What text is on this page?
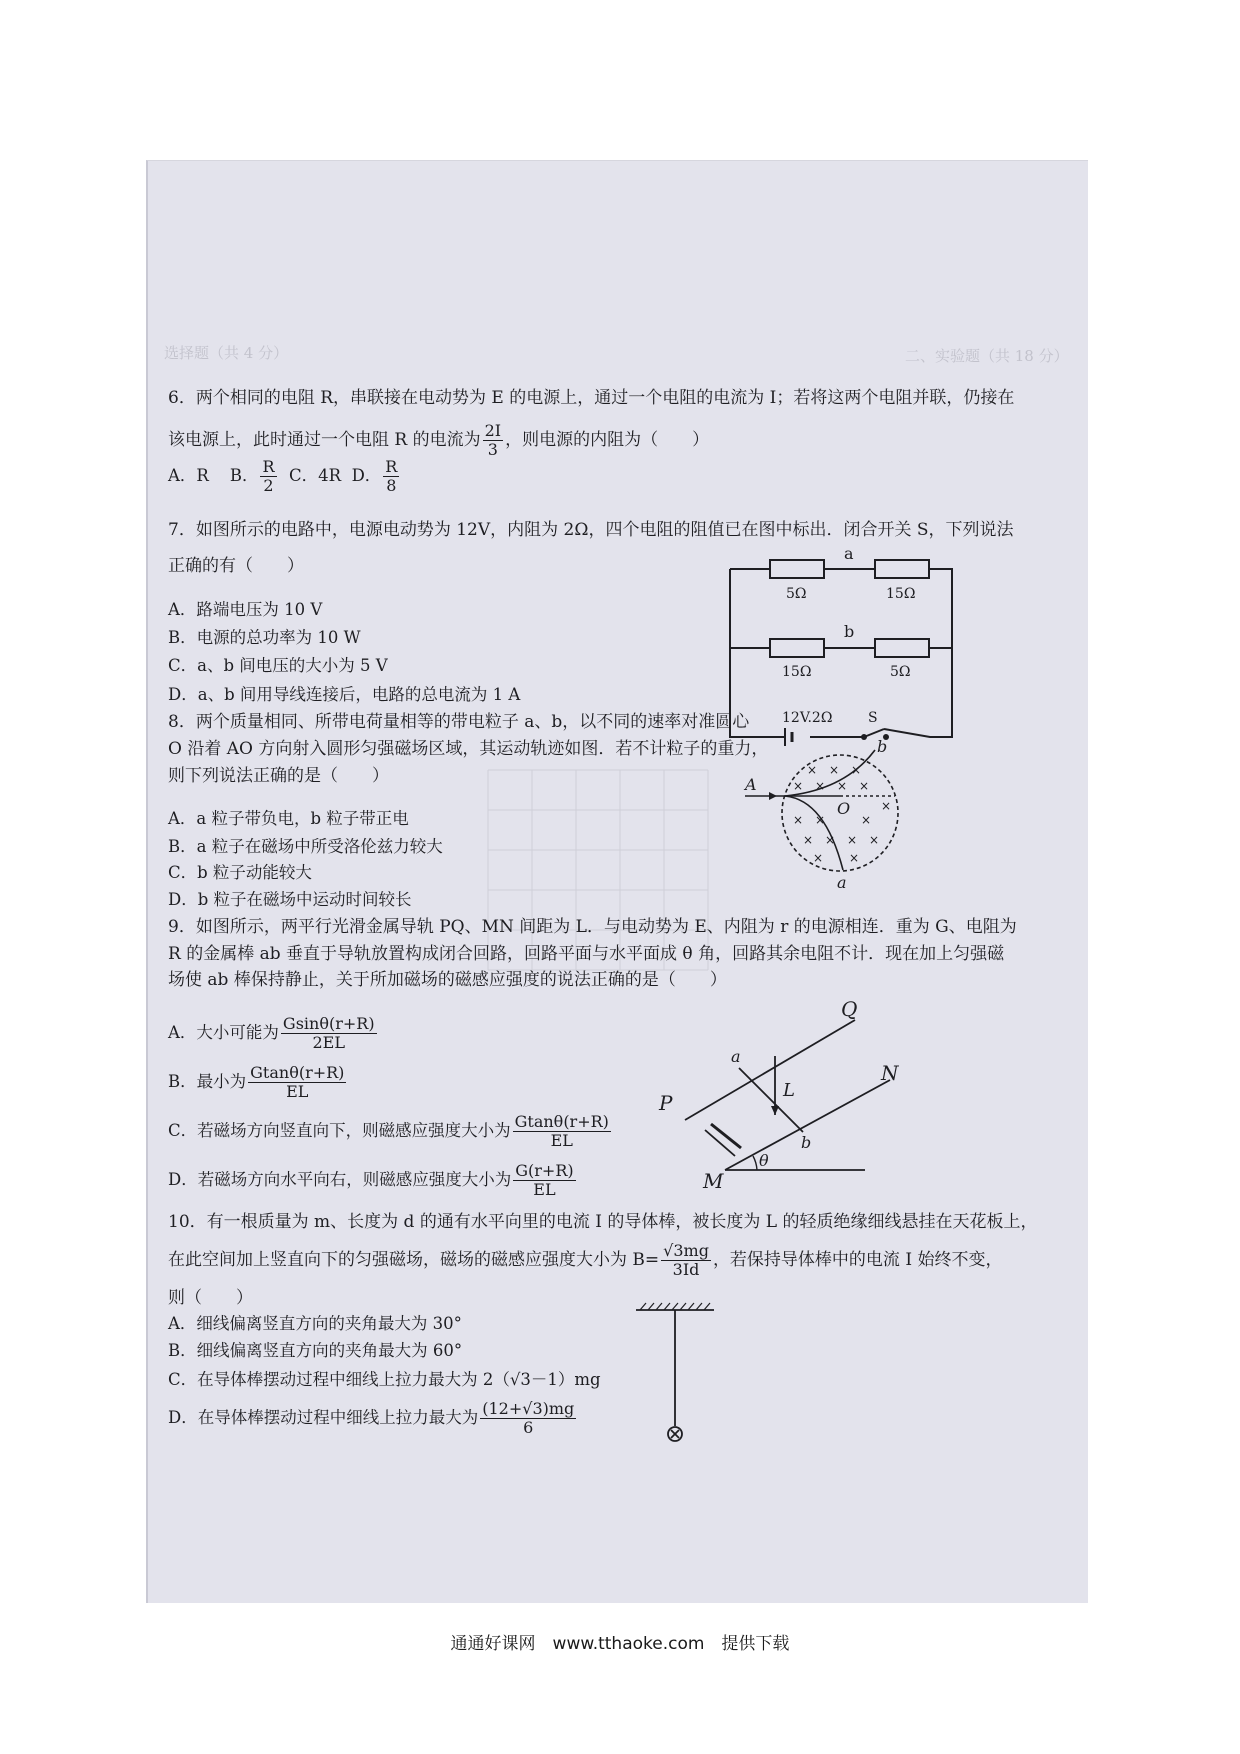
二、实验题（共 18 分）
选择题（共 4 分）
6．两个相同的电阻 R，串联接在电动势为 E 的电源上，通过一个电阻的电流为 I；若将这两个电阻并联，仍接在
该电源上，此时通过一个电阻 R 的电流为 $\frac{2I}{3}$ ，则电源的内阻为（　　）
A．R B． $\frac{R}{2}$ C．4R D． $\frac{R}{8}$
7．如图所示的电路中，电源电动势为 12V，内阻为 2Ω，四个电阻的阻值已在图中标出．闭合开关 S，下列说法
正确的有（　　）
A．路端电压为 10 V
B．电源的总功率为 10 W
C．a、b 间电压的大小为 5 V
D．a、b 间用导线连接后，电路的总电流为 1 A
5Ω	15Ω
15Ω	5Ω
a
b
12V.2Ω	S
8．两个质量相同、所带电荷量相等的带电粒子 a、b，以不同的速率对准圆心
O 沿着 AO 方向射入圆形匀强磁场区域，其运动轨迹如图．若不计粒子的重力，
则下列说法正确的是（　　）
A．a 粒子带负电，b 粒子带正电
B．a 粒子在磁场中所受洛伦兹力较大
C．b 粒子动能较大
D．b 粒子在磁场中运动时间较长
× × ×
× × × ×
× ×	×
×
× × × ×
× ×
A
O
a
b
9．如图所示，两平行光滑金属导轨 PQ、MN 间距为 L．与电动势为 E、内阻为 r 的电源相连．重为 G、电阻为
R 的金属棒 ab 垂直于导轨放置构成闭合回路，回路平面与水平面成 θ 角，回路其余电阻不计．现在加上匀强磁
场使 ab 棒保持静止，关于所加磁场的磁感应强度的说法正确的是（　　）
A．大小可能为 $\frac{Gsin\theta(r+R)}{2EL}$
B．最小为 $\frac{Gtan\theta(r+R)}{EL}$
C．若磁场方向竖直向下，则磁感应强度大小为 $\frac{Gtan\theta(r+R)}{EL}$
D．若磁场方向水平向右，则磁感应强度大小为 $\frac{G(r+R)}{EL}$
P
Q
M
N
a
b
L
θ
10．有一根质量为 m、长度为 d 的通有水平向里的电流 I 的导体棒，被长度为 L 的轻质绝缘细线悬挂在天花板上，
在此空间加上竖直向下的匀强磁场，磁场的磁感应强度大小为 $B= \frac{√3mg}{3Id}$ ，若保持导体棒中的电流 I 始终不变，
则（　　）
A．细线偏离竖直方向的夹角最大为 30°
B．细线偏离竖直方向的夹角最大为 60°
C．在导体棒摆动过程中细线上拉力最大为 2（√3－1）mg
D．在导体棒摆动过程中细线上拉力最大为 $\frac{(12+√3)mg}{6}$
通通好课网　www.tthaoke.com　提供下载
